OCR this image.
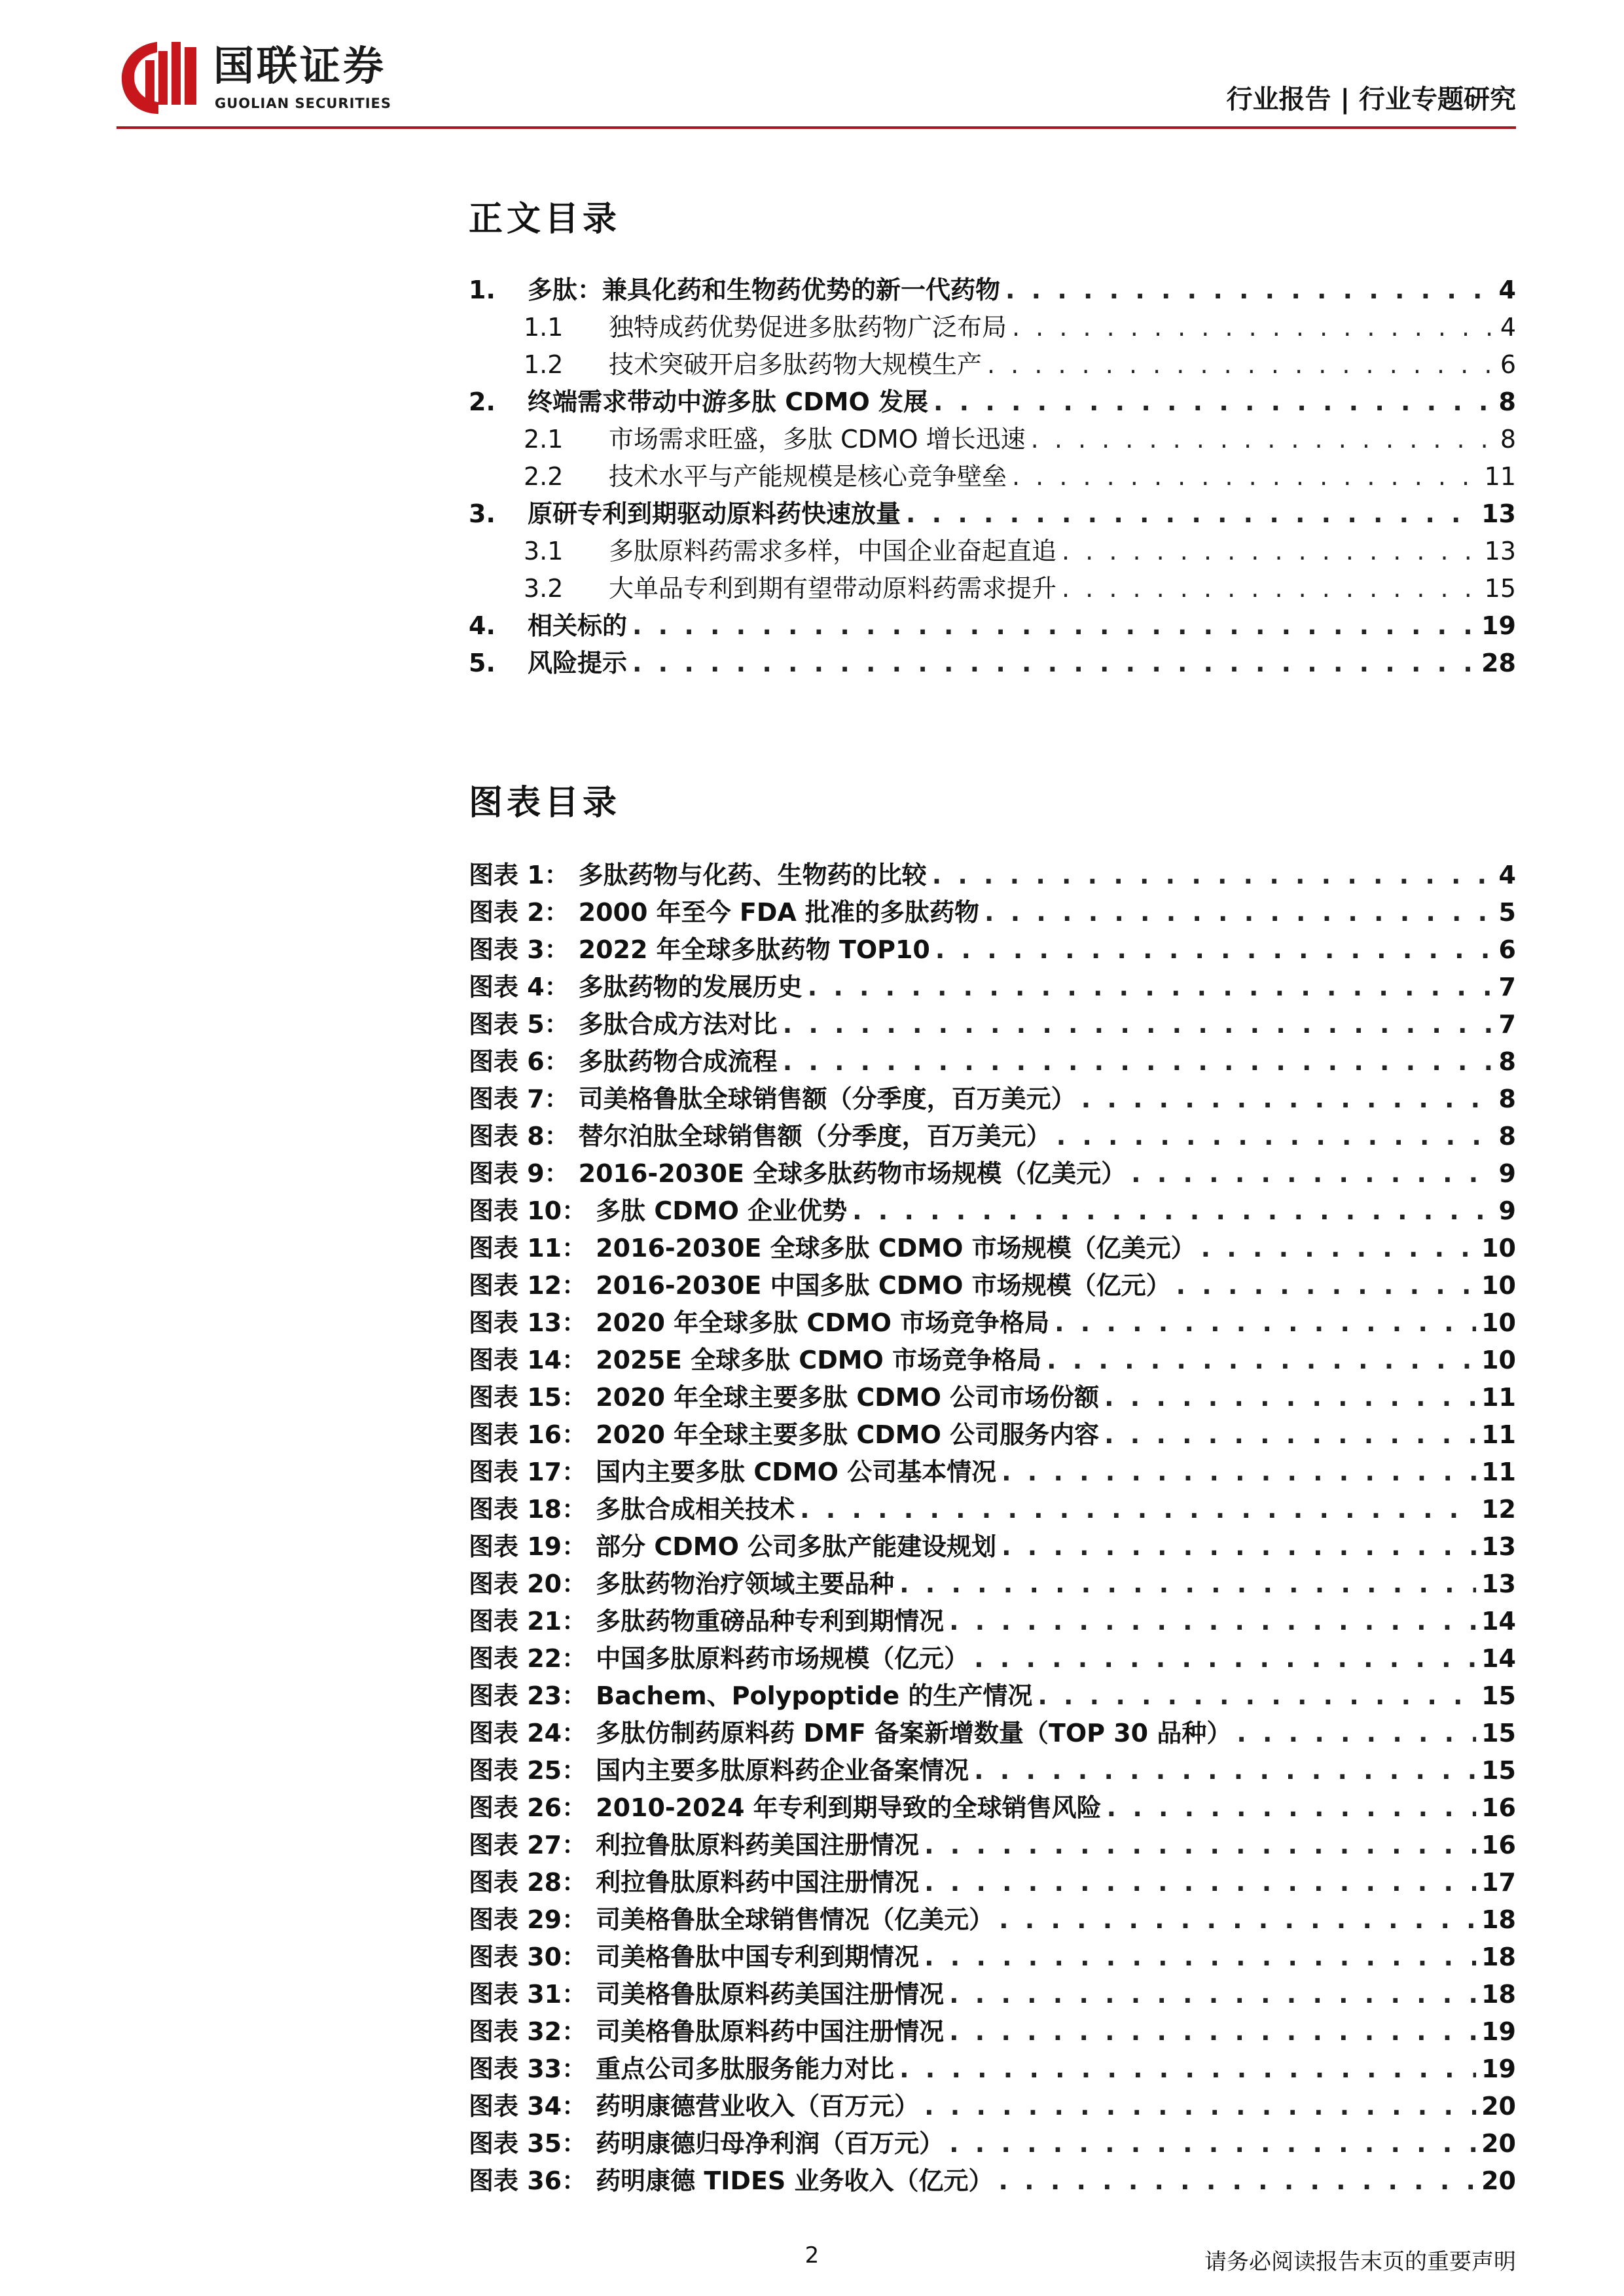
国联证券
GUOLIAN SECURITIES	行业报告 | 行业专题研究
正文目录
1.	多肽：兼具化药和生物药优势的新一代药物 . . .	4
1.1	独特成药优势促进多肽药物广泛布局 . . .	4
1.2	技术突破开启多肽药物大规模生产 . . .	6
2.	终端需求带动中游多肽 CDMO 发展 . . .	8
2.1	市场需求旺盛，多肽 CDMO 增长迅速 . . .	8
2.2	技术水平与产能规模是核心竞争壁垒 . . .	11
3.	原研专利到期驱动原料药快速放量 . . .	13
3.1	多肽原料药需求多样，中国企业奋起直追 . . .	13
3.2	大单品专利到期有望带动原料药需求提升 . . .	15
4.	相关标的 . . .	19
5.	风险提示 . . .	28
图表目录
图表 1： 多肽药物与化药、生物药的比较 . . .	4
图表 2： 2000 年至今 FDA 批准的多肽药物 . . .	5
图表 3： 2022 年全球多肽药物 TOP10 . . .	6
图表 4： 多肽药物的发展历史 . . .	7
图表 5： 多肽合成方法对比 . . .	7
图表 6： 多肽药物合成流程 . . .	8
图表 7： 司美格鲁肽全球销售额（分季度，百万美元） . . .	8
图表 8： 替尔泊肽全球销售额（分季度，百万美元） . . .	8
图表 9： 2016-2030E 全球多肽药物市场规模（亿美元） . . .	9
图表 10： 多肽 CDMO 企业优势 . . .	9
图表 11： 2016-2030E 全球多肽 CDMO 市场规模（亿美元） . . .	10
图表 12： 2016-2030E 中国多肽 CDMO 市场规模（亿元） . . .	10
图表 13： 2020 年全球多肽 CDMO 市场竞争格局 . . .	10
图表 14： 2025E 全球多肽 CDMO 市场竞争格局 . . .	10
图表 15： 2020 年全球主要多肽 CDMO 公司市场份额 . . .	11
图表 16： 2020 年全球主要多肽 CDMO 公司服务内容 . . .	11
图表 17： 国内主要多肽 CDMO 公司基本情况 . . .	11
图表 18： 多肽合成相关技术 . . .	12
图表 19： 部分 CDMO 公司多肽产能建设规划 . . .	13
图表 20： 多肽药物治疗领域主要品种 . . .	13
图表 21： 多肽药物重磅品种专利到期情况 . . .	14
图表 22： 中国多肽原料药市场规模（亿元） . . .	14
图表 23： Bachem、Polypoptide 的生产情况 . . .	15
图表 24： 多肽仿制药原料药 DMF 备案新增数量（TOP 30 品种） . . .	15
图表 25： 国内主要多肽原料药企业备案情况 . . .	15
图表 26： 2010-2024 年专利到期导致的全球销售风险 . . .	16
图表 27： 利拉鲁肽原料药美国注册情况 . . .	16
图表 28： 利拉鲁肽原料药中国注册情况 . . .	17
图表 29： 司美格鲁肽全球销售情况（亿美元） . . .	18
图表 30： 司美格鲁肽中国专利到期情况 . . .	18
图表 31： 司美格鲁肽原料药美国注册情况 . . .	18
图表 32： 司美格鲁肽原料药中国注册情况 . . .	19
图表 33： 重点公司多肽服务能力对比 . . .	19
图表 34： 药明康德营业收入（百万元） . . .	20
图表 35： 药明康德归母净利润（百万元） . . .	20
图表 36： 药明康德 TIDES 业务收入（亿元） . . .	20
2	请务必阅读报告末页的重要声明
